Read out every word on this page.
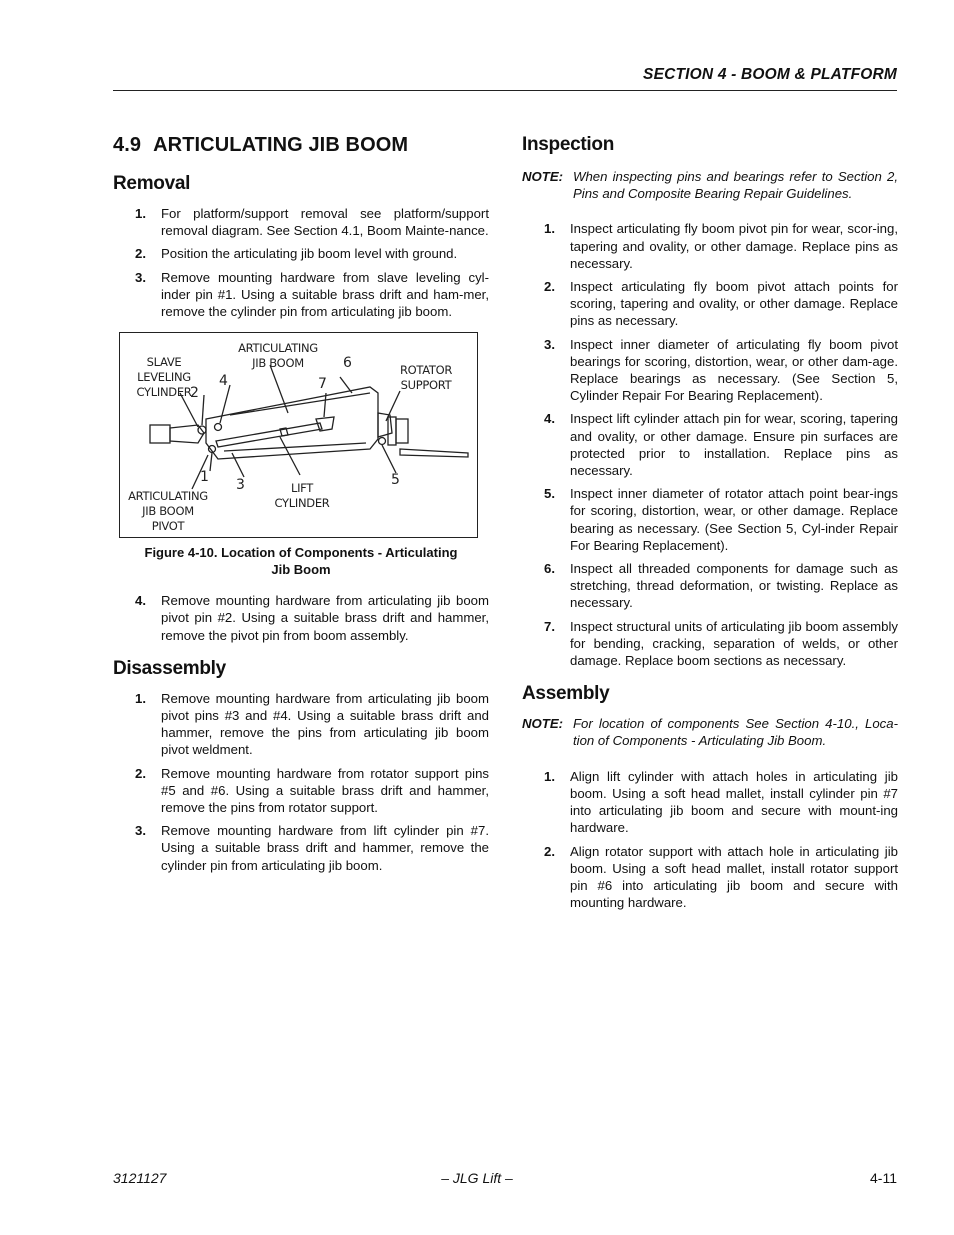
SECTION 4 - BOOM & PLATFORM
4.9 ARTICULATING JIB BOOM
Removal
1. For platform/support removal see platform/support removal diagram. See Section 4.1, Boom Mainte-nance.
2. Position the articulating jib boom level with ground.
3. Remove mounting hardware from slave leveling cyl-inder pin #1. Using a suitable brass drift and ham-mer, remove the cylinder pin from articulating jib boom.
SLAVE
LEVELING
CYLINDER
ARTICULATING
JIB BOOM	ROTATOR
SUPPORT
ARTICULATING
JIB BOOM
PIVOT
LIFT
CYLINDER
1
2
3
4
5
6
7
Figure 4-10. Location of Components - Articulating
Jib Boom
4. Remove mounting hardware from articulating jib boom pivot pin #2. Using a suitable brass drift and hammer, remove the pivot pin from boom assembly.
Disassembly
1. Remove mounting hardware from articulating jib boom pivot pins #3 and #4. Using a suitable brass drift and hammer, remove the pins from articulating jib boom pivot weldment.
2. Remove mounting hardware from rotator support pins #5 and #6. Using a suitable brass drift and hammer, remove the pins from rotator support.
3. Remove mounting hardware from lift cylinder pin #7. Using a suitable brass drift and hammer, remove the cylinder pin from articulating jib boom.
Inspection
NOTE: When inspecting pins and bearings refer to Section 2, Pins and Composite Bearing Repair Guidelines.
1. Inspect articulating fly boom pivot pin for wear, scor-ing, tapering and ovality, or other damage. Replace pins as necessary.
2. Inspect articulating fly boom pivot attach points for scoring, tapering and ovality, or other damage. Replace pins as necessary.
3. Inspect inner diameter of articulating fly boom pivot bearings for scoring, distortion, wear, or other dam-age. Replace bearings as necessary. (See Section 5, Cylinder Repair For Bearing Replacement).
4. Inspect lift cylinder attach pin for wear, scoring, tapering and ovality, or other damage. Ensure pin surfaces are protected prior to installation. Replace pins as necessary.
5. Inspect inner diameter of rotator attach point bear-ings for scoring, distortion, wear, or other damage. Replace bearing as necessary. (See Section 5, Cyl-inder Repair For Bearing Replacement).
6. Inspect all threaded components for damage such as stretching, thread deformation, or twisting. Replace as necessary.
7. Inspect structural units of articulating jib boom assembly for bending, cracking, separation of welds, or other damage. Replace boom sections as necessary.
Assembly
NOTE: For location of components See Section 4-10., Loca-tion of Components - Articulating Jib Boom.
1. Align lift cylinder with attach holes in articulating jib boom. Using a soft head mallet, install cylinder pin #7 into articulating jib boom and secure with mount-ing hardware.
2. Align rotator support with attach hole in articulating jib boom. Using a soft head mallet, install rotator support pin #6 into articulating jib boom and secure with mounting hardware.
3121127	– JLG Lift –	4-11
